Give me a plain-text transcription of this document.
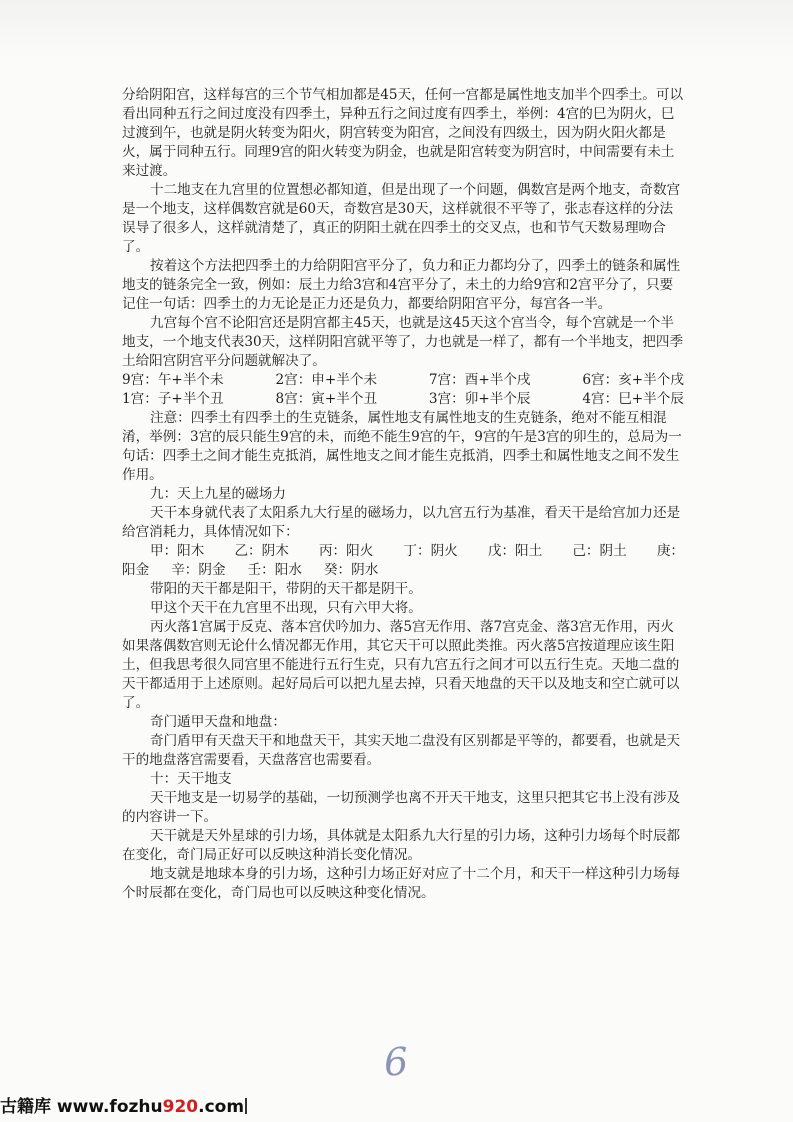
分给阴阳宫，这样每宫的三个节气相加都是45天，任何一宫都是属性地支加半个四季土。可以看出同种五行之间过度没有四季土，异种五行之间过度有四季土，举例：4宫的巳为阴火，巳过渡到午，也就是阴火转变为阳火，阴宫转变为阳宫，之间没有四级土，因为阴火阳火都是火，属于同种五行。同理9宫的阳火转变为阴金，也就是阳宫转变为阴宫时，中间需要有未土来过渡。

十二地支在九宫里的位置想必都知道，但是出现了一个问题，偶数宫是两个地支，奇数宫是一个地支，这样偶数宫就是60天，奇数宫是30天，这样就很不平等了，张志春这样的分法误导了很多人，这样就清楚了，真正的阴阳土就在四季土的交叉点，也和节气天数易理吻合了。

按着这个方法把四季土的力给阴阳宫平分了，负力和正力都均分了，四季土的链条和属性地支的链条完全一致，例如：辰土力给3宫和4宫平分了，未土的力给9宫和2宫平分了，只要记住一句话：四季土的力无论是正力还是负力，都要给阴阳宫平分，每宫各一半。

九宫每个宫不论阳宫还是阴宫都主45天，也就是这45天这个宫当令，每个宫就是一个半地支，一个地支代表30天，这样阴阳宫就平等了，力也就是一样了，都有一个半地支，把四季土给阳宫阴宫平分问题就解决了。

9宫：午+半个未	2宫：申+半个未	7宫：酉+半个戌	6宫：亥+半个戌
1宫：子+半个丑	8宫：寅+半个丑	3宫：卯+半个辰	4宫：巳+半个辰

注意：四季土有四季土的生克链条，属性地支有属性地支的生克链条，绝对不能互相混淆，举例：3宫的辰只能生9宫的未，而绝不能生9宫的午，9宫的午是3宫的卯生的，总局为一句话：四季土之间才能生克抵消，属性地支之间才能生克抵消，四季土和属性地支之间不发生作用。

九：天上九星的磁场力

天干本身就代表了太阳系九大行星的磁场力，以九宫五行为基准，看天干是给宫加力还是给宫消耗力，具体情况如下：

甲：阳木 乙：阴木 丙：阳火 丁：阴火 戊：阳土 己：阴土 庚：
阳金 辛：阴金 壬：阳水 癸：阴水

带阳的天干都是阳干，带阴的天干都是阴干。

甲这个天干在九宫里不出现，只有六甲大将。

丙火落1宫属于反克、落本宫伏吟加力、落5宫无作用、落7宫克金、落3宫无作用，丙火如果落偶数宫则无论什么情况都无作用，其它天干可以照此类推。丙火落5宫按道理应该生阳土，但我思考很久同宫里不能进行五行生克，只有九宫五行之间才可以五行生克。天地二盘的天干都适用于上述原则。起好局后可以把九星去掉，只看天地盘的天干以及地支和空亡就可以了。

奇门遁甲天盘和地盘：

奇门盾甲有天盘天干和地盘天干，其实天地二盘没有区别都是平等的，都要看，也就是天干的地盘落宫需要看，天盘落宫也需要看。

十：天干地支

天干地支是一切易学的基础，一切预测学也离不开天干地支，这里只把其它书上没有涉及的内容讲一下。

天干就是天外星球的引力场，具体就是太阳系九大行星的引力场，这种引力场每个时辰都在变化，奇门局正好可以反映这种消长变化情况。

地支就是地球本身的引力场，这种引力场正好对应了十二个月，和天干一样这种引力场每个时辰都在变化，奇门局也可以反映这种变化情况。

6
古籍库 www.fozhu920.com
